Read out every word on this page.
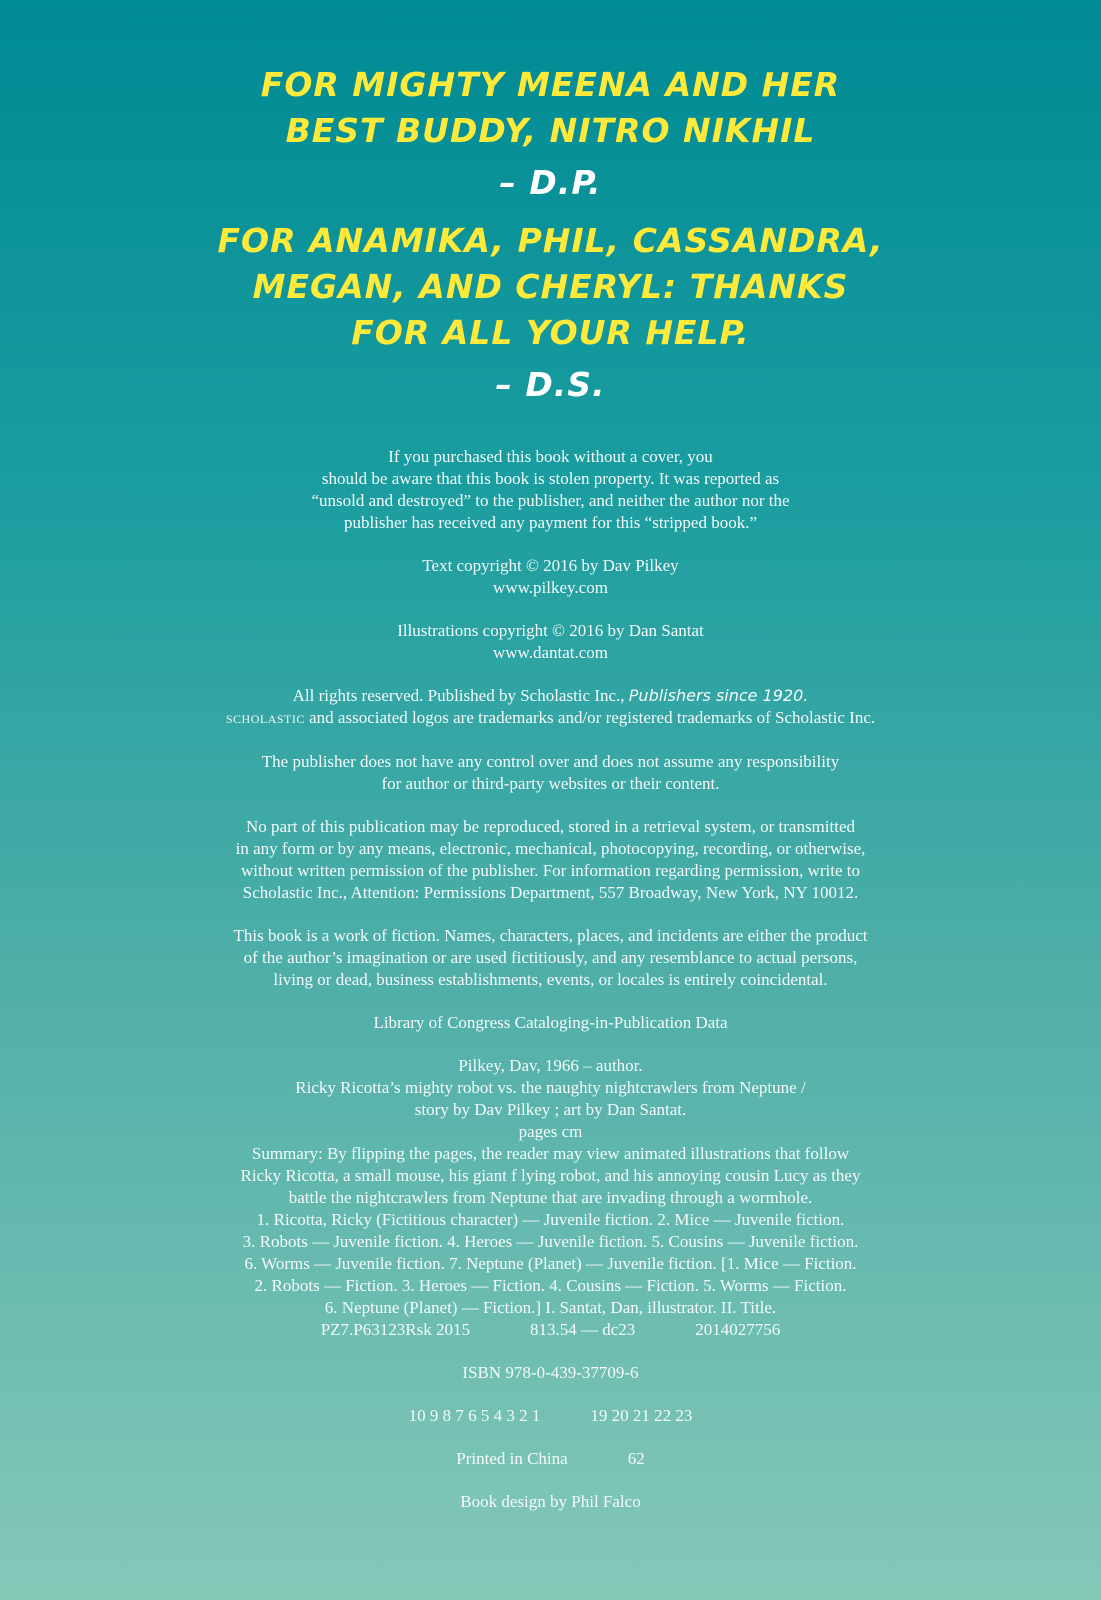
FOR MIGHTY MEENA AND HER

BEST BUDDY, NITRO NIKHIL

– D.P.

FOR ANAMIKA, PHIL, CASSANDRA,

MEGAN, AND CHERYL: THANKS

FOR ALL YOUR HELP.

– D.S.

If you purchased this book without a cover, you
should be aware that this book is stolen property. It was reported as
“unsold and destroyed” to the publisher, and neither the author nor the
publisher has received any payment for this “stripped book.”

Text copyright © 2016 by Dav Pilkey
www.pilkey.com

Illustrations copyright © 2016 by Dan Santat
www.dantat.com

All rights reserved. Published by Scholastic Inc., Publishers since 1920.
SCHOLASTIC and associated logos are trademarks and/or registered trademarks of Scholastic Inc.

The publisher does not have any control over and does not assume any responsibility
for author or third-party websites or their content.

No part of this publication may be reproduced, stored in a retrieval system, or transmitted
in any form or by any means, electronic, mechanical, photocopying, recording, or otherwise,
without written permission of the publisher. For information regarding permission, write to
Scholastic Inc., Attention: Permissions Department, 557 Broadway, New York, NY 10012.

This book is a work of fiction. Names, characters, places, and incidents are either the product
of the author’s imagination or are used fictitiously, and any resemblance to actual persons,
living or dead, business establishments, events, or locales is entirely coincidental.

Library of Congress Cataloging-in-Publication Data

Pilkey, Dav, 1966 – author.
Ricky Ricotta’s mighty robot vs. the naughty nightcrawlers from Neptune /
story by Dav Pilkey ; art by Dan Santat.
pages cm
Summary: By flipping the pages, the reader may view animated illustrations that follow
Ricky Ricotta, a small mouse, his giant f lying robot, and his annoying cousin Lucy as they
battle the nightcrawlers from Neptune that are invading through a wormhole.
1. Ricotta, Ricky (Fictitious character) — Juvenile fiction. 2. Mice — Juvenile fiction.
3. Robots — Juvenile fiction. 4. Heroes — Juvenile fiction. 5. Cousins — Juvenile fiction.
6. Worms — Juvenile fiction. 7. Neptune (Planet) — Juvenile fiction. [1. Mice — Fiction.
2. Robots — Fiction. 3. Heroes — Fiction. 4. Cousins — Fiction. 5. Worms — Fiction.
6. Neptune (Planet) — Fiction.] I. Santat, Dan, illustrator. II. Title.
PZ7.P63123Rsk 2015	813.54 — dc23	2014027756

ISBN 978-0-439-37709-6

10 9 8 7 6 5 4 3 2 1	19 20 21 22 23

Printed in China	62

Book design by Phil Falco
